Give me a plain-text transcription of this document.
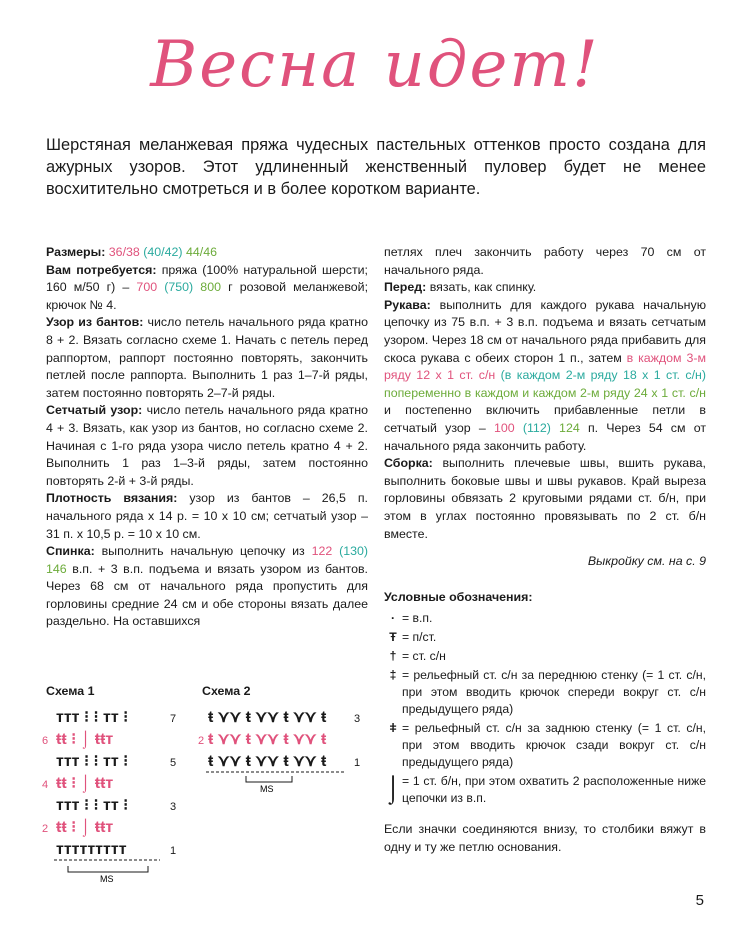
Весна идет!
Шерстяная меланжевая пряжа чудесных пастельных оттенков просто создана для ажурных узоров. Этот удлиненный женственный пуловер будет не менее восхитительно смотреться и в более коротком варианте.

Размеры: 36/38 (40/42) 44/46

Вам потребуется: пряжа (100% натуральной шерсти; 160 м/50 г) – 700 (750) 800 г розовой меланжевой; крючок № 4.

Узор из бантов: число петель начального ряда кратно 8 + 2. Вязать согласно схеме 1. Начать с петель перед раппортом, раппорт постоянно повторять, закончить петлей после раппорта. Выполнить 1 раз 1–7-й ряды, затем постоянно повторять 2–7-й ряды.

Сетчатый узор: число петель начального ряда кратно 4 + 3. Вязать, как узор из бантов, но согласно схеме 2. Начиная с 1-го ряда узора число петель кратно 4 + 2. Выполнить 1 раз 1–3-й ряды, затем постоянно повторять 2-й + 3-й ряды.

Плотность вязания: узор из бантов – 26,5 п. начального ряда х 14 р. = 10 х 10 см; сетчатый узор – 31 п. х 10,5 р. = 10 х 10 см.

Спинка: выполнить начальную цепочку из 122 (130) 146 в.п. + 3 в.п. подъема и вязать узором из бантов. Через 68 см от начального ряда пропустить для горловины средние 24 см и обе стороны вязать далее раздельно. На оставшихся

петлях плеч закончить работу через 70 см от начального ряда.

Перед: вязать, как спинку.

Рукава: выполнить для каждого рукава начальную цепочку из 75 в.п. + 3 в.п. подъема и вязать сетчатым узором. Через 18 см от начального ряда прибавить для скоса рукава с обеих сторон 1 п., затем в каждом 3-м ряду 12 х 1 ст. с/н (в каждом 2-м ряду 18 х 1 ст. с/н) попеременно в каждом и каждом 2-м ряду 24 х 1 ст. с/н и постепенно включить прибавленные петли в сетчатый узор – 100 (112) 124 п. Через 54 см от начального ряда закончить работу.

Сборка: выполнить плечевые швы, вшить рукава, выполнить боковые швы и швы рукавов. Край выреза горловины обвязать 2 круговыми рядами ст. б/н, при этом в углах постоянно провязывать по 2 ст. б/н вместе.

Выкройку см. на с. 9

Условные обозначения:

· = в.п.

Ŧ = п/ст.

† = ст. с/н

‡ = рельефный ст. с/н за переднюю стенку (= 1 ст. с/н, при этом вводить крючок спереди вокруг ст. с/н предыдущего ряда)

ǂ = рельефный ст. с/н за заднюю стенку (= 1 ст. с/н, при этом вводить крючок сзади вокруг ст. с/н предыдущего ряда)

⌡ = 1 ст. б/н, при этом охватить 2 расположенные ниже цепочки из в.п.

Если значки соединяются внизу, то столбики вяжут в одну и ту же петлю основания.

Схема 1
ттт ⁝ ⁝ тт ⁝	7
ŧŧ ⁝ ⌡ ŧŧт
6
ттт ⁝ ⁝ тт ⁝	5
ŧŧ ⁝ ⌡ ŧŧт
4
ттт ⁝ ⁝ тт ⁝	3
ŧŧ ⁝ ⌡ ŧŧт
2
ттттттттт	1
MS
Схема 2
ŧ ⋎⋎ ŧ ⋎⋎ ŧ ⋎⋎ ŧ	3
ŧ ⋎⋎ ŧ ⋎⋎ ŧ ⋎⋎ ŧ
2
ŧ ⋎⋎ ŧ ⋎⋎ ŧ ⋎⋎ ŧ	1
MS
5
